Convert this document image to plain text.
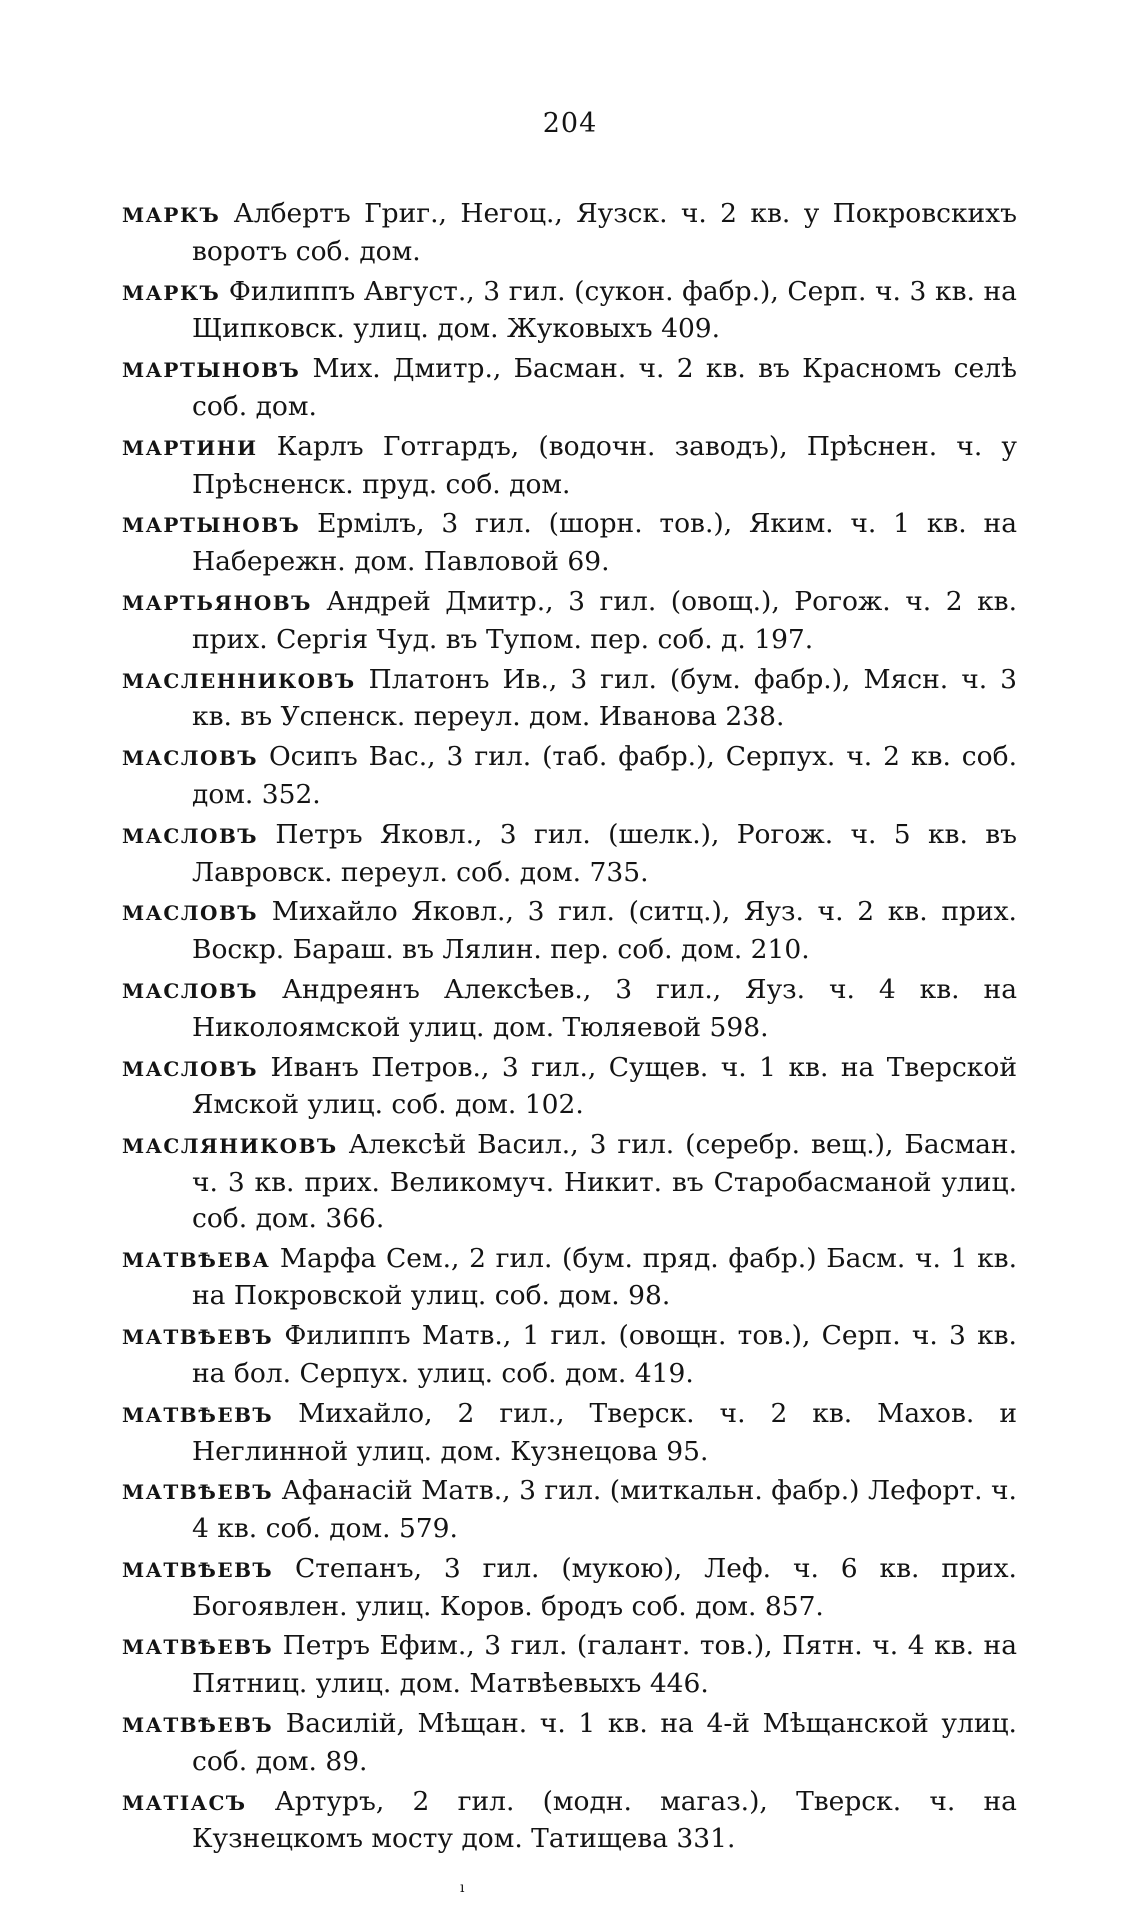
204

МАРКЪ Албертъ Григ., Негоц., Яузск. ч. 2 кв. у Покровскихъ воротъ соб. дом.

МАРКЪ Филиппъ Август., 3 гил. (сукон. фабр.), Серп. ч. 3 кв. на Щипковск. улиц. дом. Жуковыхъ 409.

МАРТЫНОВЪ Мих. Дмитр., Басман. ч. 2 кв. въ Красномъ селѣ соб. дом.

МАРТИНИ Карлъ Готгардъ, (водочн. заводъ), Прѣснен. ч. у Прѣсненск. пруд. соб. дом.

МАРТЫНОВЪ Ермілъ, 3 гил. (шорн. тов.), Яким. ч. 1 кв. на Набережн. дом. Павловой 69.

МАРТЬЯНОВЪ Андрей Дмитр., 3 гил. (овощ.), Рогож. ч. 2 кв. прих. Сергія Чуд. въ Тупом. пер. соб. д. 197.

МАСЛЕННИКОВЪ Платонъ Ив., 3 гил. (бум. фабр.), Мясн. ч. 3 кв. въ Успенск. переул. дом. Иванова 238.

МАСЛОВЪ Осипъ Вас., 3 гил. (таб. фабр.), Серпух. ч. 2 кв. соб. дом. 352.

МАСЛОВЪ Петръ Яковл., 3 гил. (шелк.), Рогож. ч. 5 кв. въ Лавровск. переул. соб. дом. 735.

МАСЛОВЪ Михайло Яковл., 3 гил. (ситц.), Яуз. ч. 2 кв. прих. Воскр. Бараш. въ Лялин. пер. соб. дом. 210.

МАСЛОВЪ Андреянъ Алексѣев., 3 гил., Яуз. ч. 4 кв. на Николоямской улиц. дом. Тюляевой 598.

МАСЛОВЪ Иванъ Петров., 3 гил., Сущев. ч. 1 кв. на Тверской Ямской улиц. соб. дом. 102.

МАСЛЯНИКОВЪ Алексѣй Васил., 3 гил. (серебр. вещ.), Басман. ч. 3 кв. прих. Великомуч. Никит. въ Старобасманой улиц. соб. дом. 366.

МАТВѢЕВА Марфа Сем., 2 гил. (бум. пряд. фабр.) Басм. ч. 1 кв. на Покровской улиц. соб. дом. 98.

МАТВѢЕВЪ Филиппъ Матв., 1 гил. (овощн. тов.), Серп. ч. 3 кв. на бол. Серпух. улиц. соб. дом. 419.

МАТВѢЕВЪ Михайло, 2 гил., Тверск. ч. 2 кв. Махов. и Неглинной улиц. дом. Кузнецова 95.

МАТВѢЕВЪ Афанасій Матв., 3 гил. (миткальн. фабр.) Лефорт. ч. 4 кв. соб. дом. 579.

МАТВѢЕВЪ Степанъ, 3 гил. (мукою), Леф. ч. 6 кв. прих. Богоявлен. улиц. Коров. бродъ соб. дом. 857.

МАТВѢЕВЪ Петръ Ефим., 3 гил. (галант. тов.), Пятн. ч. 4 кв. на Пятниц. улиц. дом. Матвѣевыхъ 446.

МАТВѢЕВЪ Василій, Мѣщан. ч. 1 кв. на 4-й Мѣщанской улиц. соб. дом. 89.

МАТІАСЪ Артуръ, 2 гил. (модн. магаз.), Тверск. ч. на Кузнецкомъ мосту дом. Татищева 331.

ı
